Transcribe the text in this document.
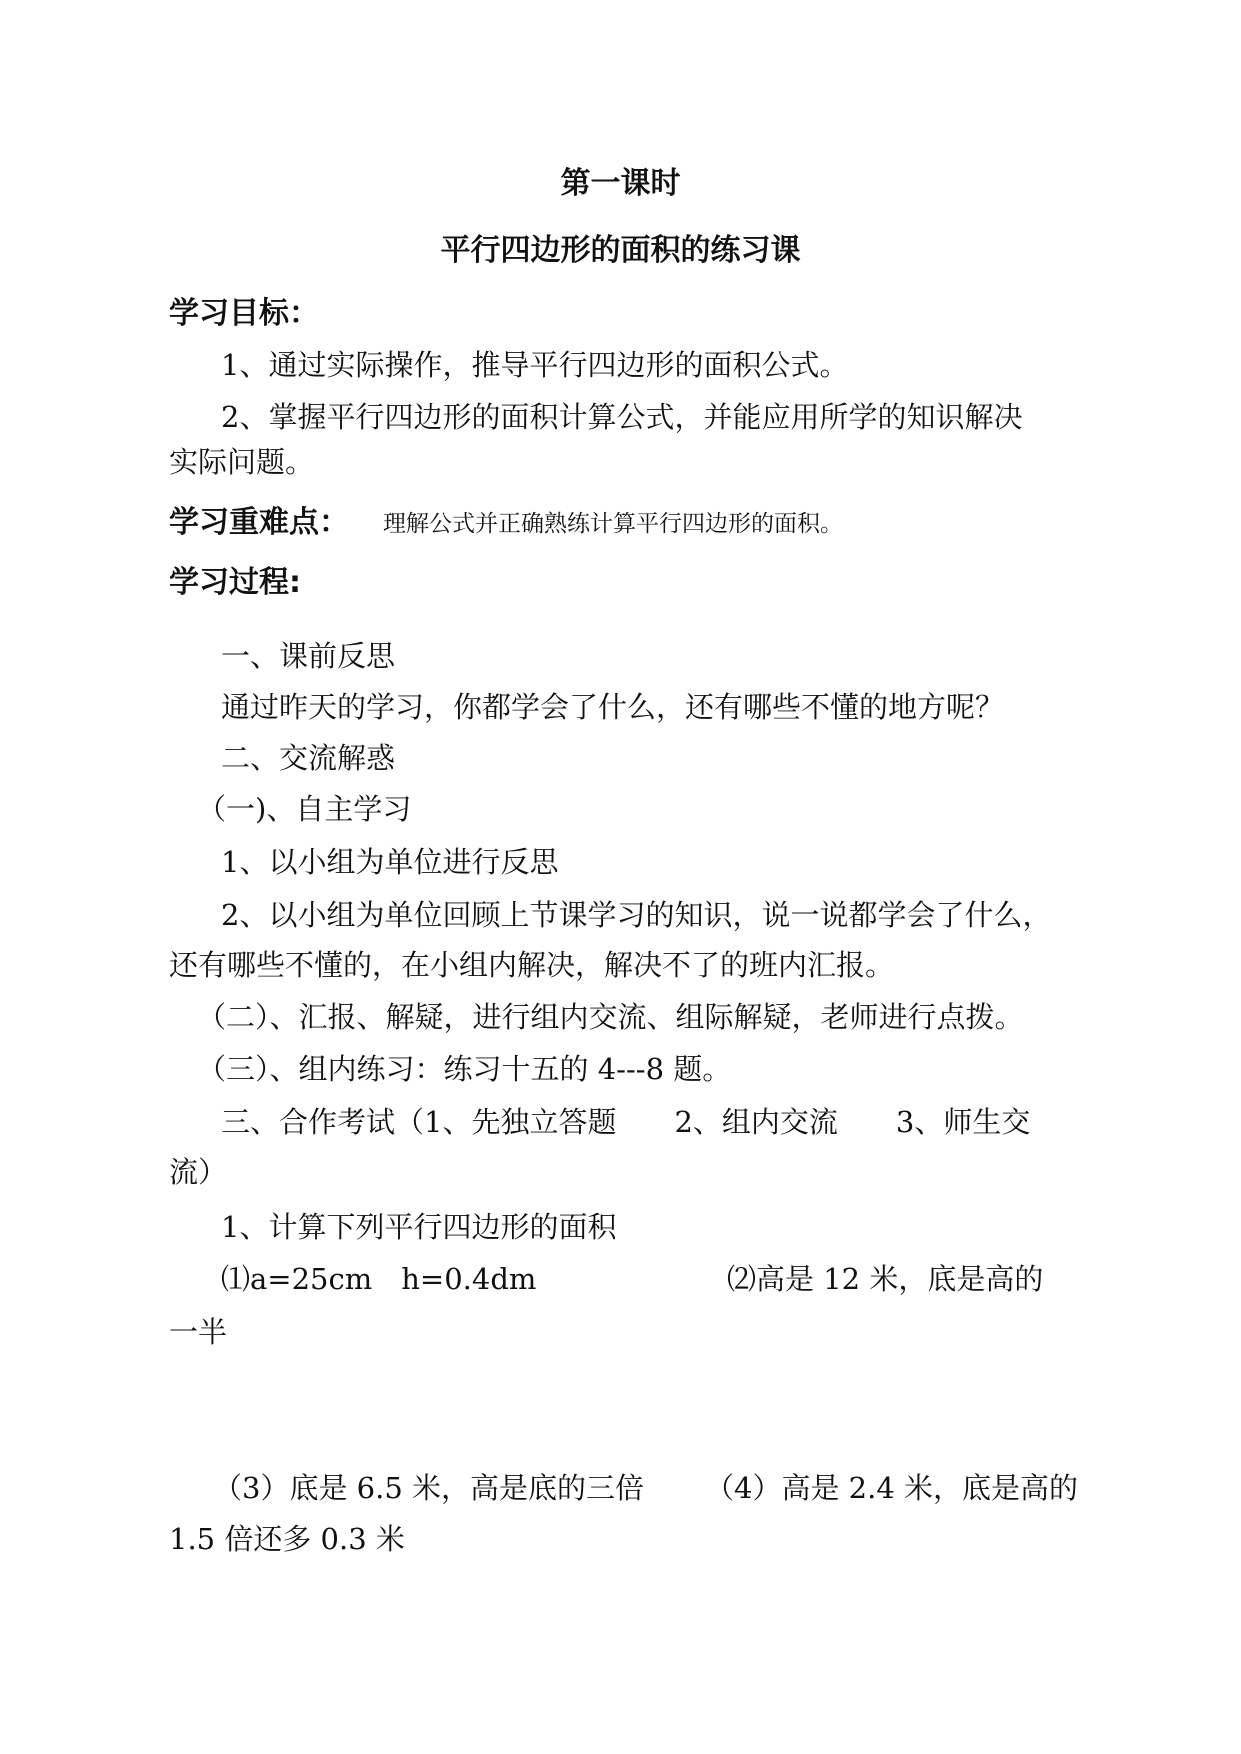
第一课时
平行四边形的面积的练习课
学习目标：
1、通过实际操作，推导平行四边形的面积公式。
2、掌握平行四边形的面积计算公式，并能应用所学的知识解决
实际问题。
学习重难点： 理解公式并正确熟练计算平行四边形的面积。
学习过程:
一、课前反思
通过昨天的学习，你都学会了什么，还有哪些不懂的地方呢？
二、交流解惑
（一)、自主学习
1、以小组为单位进行反思
2、以小组为单位回顾上节课学习的知识，说一说都学会了什么，
还有哪些不懂的，在小组内解决，解决不了的班内汇报。
（二）、汇报、解疑，进行组内交流、组际解疑，老师进行点拨。
（三）、组内练习：练习十五的 4---8 题。
三、合作考试（1、先独立答题　　2、组内交流　　3、师生交
流）
1、计算下列平行四边形的面积
⑴a=25cm　h=0.4dm	⑵高是 12 米，底是高的
一半
（3）底是 6.5 米，高是底的三倍 （4）高是 2.4 米，底是高的
1.5 倍还多 0.3 米
